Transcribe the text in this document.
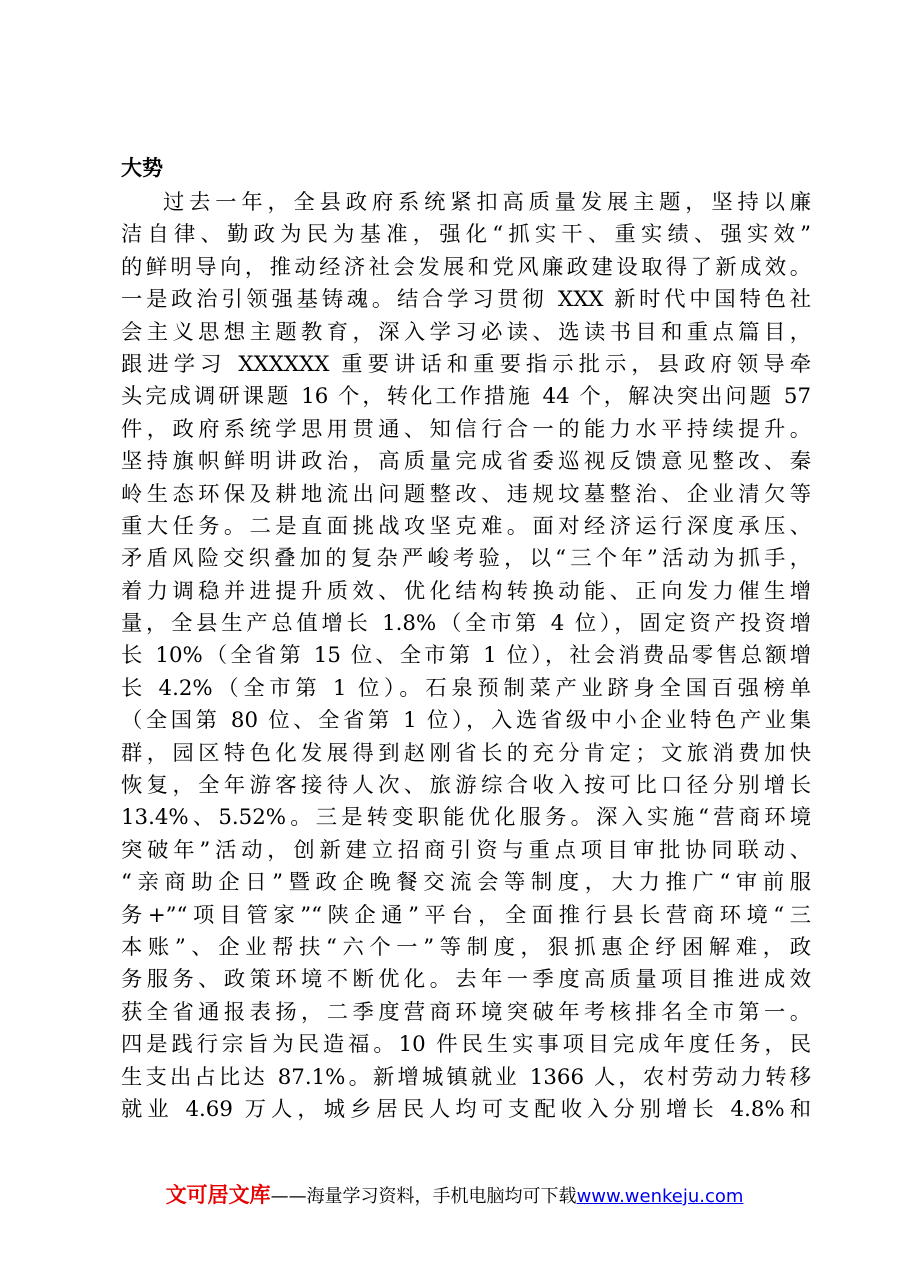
大势
过去一年，全县政府系统紧扣高质量发展主题，坚持以廉
洁自律、勤政为民为基准，强化“抓实干、重实绩、强实效”
的鲜明导向，推动经济社会发展和党风廉政建设取得了新成效。
一是政治引领强基铸魂。结合学习贯彻 XXX 新时代中国特色社
会主义思想主题教育，深入学习必读、选读书目和重点篇目，
跟进学习 XXXXXX 重要讲话和重要指示批示，县政府领导牵
头完成调研课题 16 个，转化工作措施 44 个，解决突出问题 57
件，政府系统学思用贯通、知信行合一的能力水平持续提升。
坚持旗帜鲜明讲政治，高质量完成省委巡视反馈意见整改、秦
岭生态环保及耕地流出问题整改、违规坟墓整治、企业清欠等
重大任务。二是直面挑战攻坚克难。面对经济运行深度承压、
矛盾风险交织叠加的复杂严峻考验，以“三个年”活动为抓手，
着力调稳并进提升质效、优化结构转换动能、正向发力催生增
量，全县生产总值增长 1.8%（全市第 4 位），固定资产投资增
长 10%（全省第 15 位、全市第 1 位），社会消费品零售总额增
长 4.2%（全市第 1 位）。石泉预制菜产业跻身全国百强榜单
（全国第 80 位、全省第 1 位），入选省级中小企业特色产业集
群，园区特色化发展得到赵刚省长的充分肯定；文旅消费加快
恢复，全年游客接待人次、旅游综合收入按可比口径分别增长
13.4%、5.52%。三是转变职能优化服务。深入实施“营商环境
突破年”活动，创新建立招商引资与重点项目审批协同联动、
“亲商助企日”暨政企晚餐交流会等制度，大力推广“审前服
务+”“项目管家”“陕企通”平台，全面推行县长营商环境“三
本账”、企业帮扶“六个一”等制度，狠抓惠企纾困解难，政
务服务、政策环境不断优化。去年一季度高质量项目推进成效
获全省通报表扬，二季度营商环境突破年考核排名全市第一。
四是践行宗旨为民造福。10 件民生实事项目完成年度任务，民
生支出占比达 87.1%。新增城镇就业 1366 人，农村劳动力转移
就业 4.69 万人，城乡居民人均可支配收入分别增长 4.8%和
文可居文库——海量学习资料，手机电脑均可下载www.wenkeju.com
